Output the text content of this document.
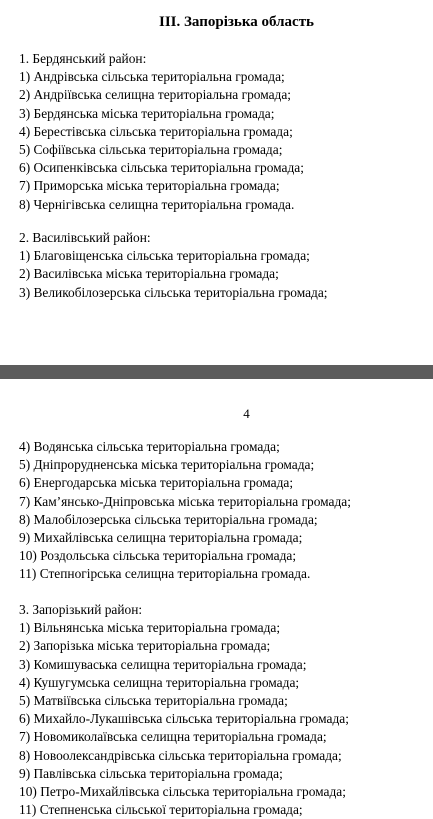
III. Запорізька область
1. Бердянський район:
1) Андрівська сільська територіальна громада;
2) Андріївська селищна територіальна громада;
3) Бердянська міська територіальна громада;
4) Берестівська сільська територіальна громада;
5) Софіївська сільська територіальна громада;
6) Осипенківська сільська територіальна громада;
7) Приморська міська територіальна громада;
8) Чернігівська селищна територіальна громада.
2. Василівський район:
1) Благовіщенська сільська територіальна громада;
2) Василівська міська територіальна громада;
3) Великобілозерська сільська територіальна громада;
4
4) Водянська сільська територіальна громада;
5) Дніпрорудненська міська територіальна громада;
6) Енергодарська міська територіальна громада;
7) Кам’янсько-Дніпровська міська територіальна громада;
8) Малобілозерська сільська територіальна громада;
9) Михайлівська селищна територіальна громада;
10) Роздольська сільська територіальна громада;
11) Степногірська селищна територіальна громада.
3. Запорізький район:
1) Вільнянська міська територіальна громада;
2) Запорізька міська територіальна громада;
3) Комишуваська селищна територіальна громада;
4) Кушугумська селищна територіальна громада;
5) Матвіївська сільська територіальна громада;
6) Михайло-Лукашівська сільська територіальна громада;
7) Новомиколаївська селищна територіальна громада;
8) Новоолександрівська сільська територіальна громада;
9) Павлівська сільська територіальна громада;
10) Петро-Михайлівська сільська територіальна громада;
11) Степненська сільської територіальна громада;
